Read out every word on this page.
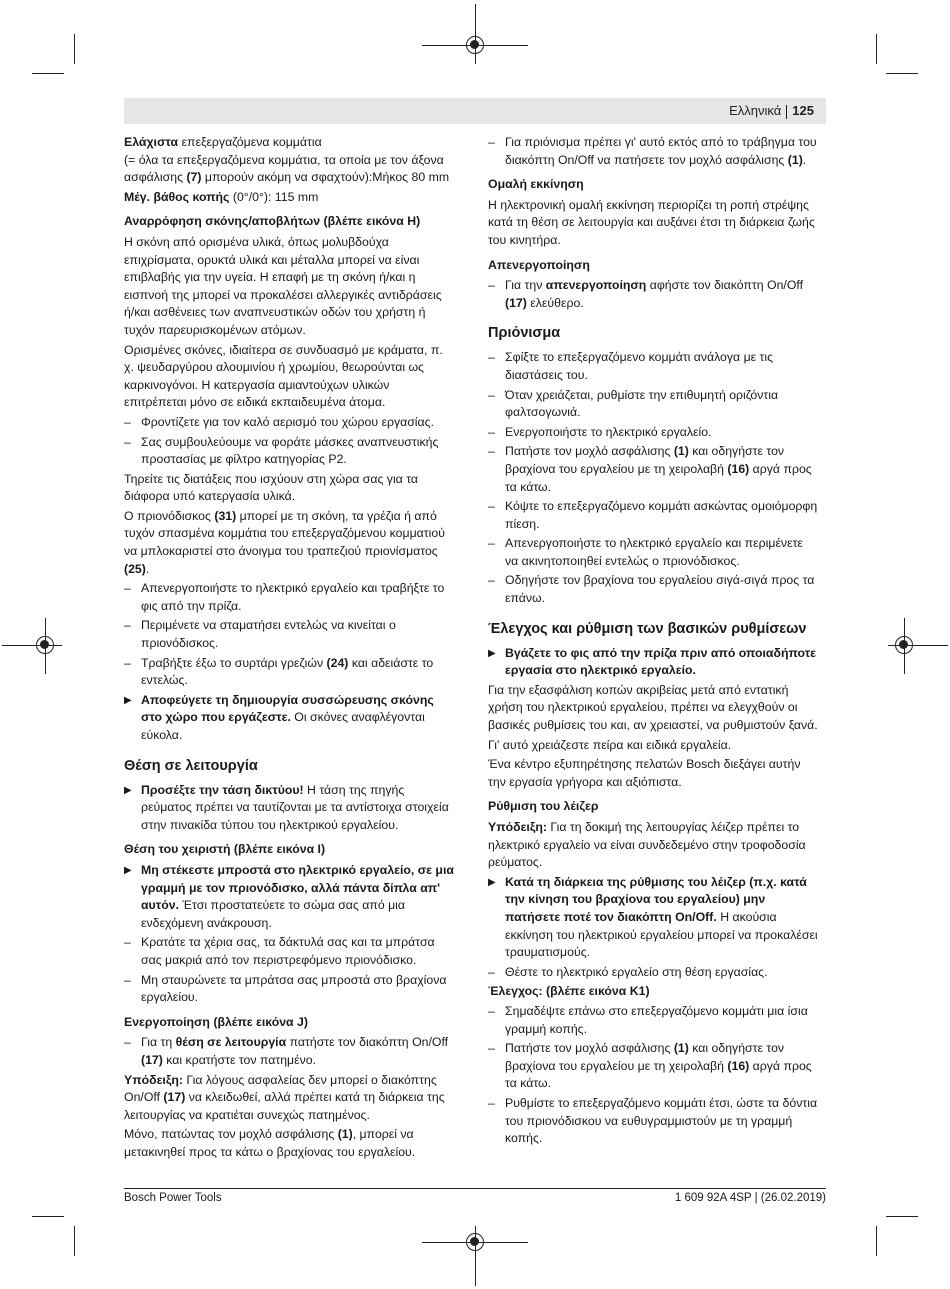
Ελληνικά 125
Ελάχιστα επεξεργαζόμενα κομμάτια
(= όλα τα επεξεργαζόμενα κομμάτια, τα οποία με τον άξονα ασφάλισης (7) μπορούν ακόμη να σφαχτούν):Μήκος 80 mm
Μέγ. βάθος κοπής (0°/0°): 115 mm
Αναρρόφηση σκόνης/αποβλήτων (βλέπε εικόνα H)
Η σκόνη από ορισμένα υλικά, όπως μολυβδούχα επιχρίσματα, ορυκτά υλικά και μέταλλα μπορεί να είναι επιβλαβής για την υγεία. Η επαφή με τη σκόνη ή/και η εισπνοή της μπορεί να προκαλέσει αλλεργικές αντιδράσεις ή/και ασθένειες των αναπνευστικών οδών του χρήστη ή τυχόν παρευρισκομένων ατόμων.
Ορισμένες σκόνες, ιδιαίτερα σε συνδυασμό με κράματα, π. χ. ψευδαργύρου αλουμινίου ή χρωμίου, θεωρούνται ως καρκινογόνοι. Η κατεργασία αμιαντούχων υλικών επιτρέπεται μόνο σε ειδικά εκπαιδευμένα άτομα.
– Φροντίζετε για τον καλό αερισμό του χώρου εργασίας.
– Σας συμβουλεύουμε να φοράτε μάσκες αναπνευστικής προστασίας με φίλτρο κατηγορίας P2.
Τηρείτε τις διατάξεις που ισχύουν στη χώρα σας για τα διάφορα υπό κατεργασία υλικά.
Ο πριονόδισκος (31) μπορεί με τη σκόνη, τα γρέζια ή από τυχόν σπασμένα κομμάτια του επεξεργαζόμενου κομματιού να μπλοκαριστεί στο άνοιγμα του τραπεζιού πριονίσματος (25).
– Απενεργοποιήστε το ηλεκτρικό εργαλείο και τραβήξτε το φις από την πρίζα.
– Περιμένετε να σταματήσει εντελώς να κινείται ο πριονόδισκος.
– Τραβήξτε έξω το συρτάρι γρεζιών (24) και αδειάστε το εντελώς.
▶ Αποφεύγετε τη δημιουργία συσσώρευσης σκόνης στο χώρο που εργάζεστε. Οι σκόνες αναφλέγονται εύκολα.
Θέση σε λειτουργία
▶ Προσέξτε την τάση δικτύου! Η τάση της πηγής ρεύματος πρέπει να ταυτίζονται με τα αντίστοιχα στοιχεία στην πινακίδα τύπου του ηλεκτρικού εργαλείου.
Θέση του χειριστή (βλέπε εικόνα I)
▶ Μη στέκεστε μπροστά στο ηλεκτρικό εργαλείο, σε μια γραμμή με τον πριονόδισκο, αλλά πάντα δίπλα απ' αυτόν. Έτσι προστατεύετε το σώμα σας από μια ενδεχόμενη ανάκρουση.
– Κρατάτε τα χέρια σας, τα δάκτυλά σας και τα μπράτσα σας μακριά από τον περιστρεφόμενο πριονόδισκο.
– Μη σταυρώνετε τα μπράτσα σας μπροστά στο βραχίονα εργαλείου.
Ενεργοποίηση (βλέπε εικόνα J)
– Για τη θέση σε λειτουργία πατήστε τον διακόπτη On/Off (17) και κρατήστε τον πατημένο.
Υπόδειξη: Για λόγους ασφαλείας δεν μπορεί ο διακόπτης On/Off (17) να κλειδωθεί, αλλά πρέπει κατά τη διάρκεια της λειτουργίας να κρατιέται συνεχώς πατημένος.
Μόνο, πατώντας τον μοχλό ασφάλισης (1), μπορεί να μετακινηθεί προς τα κάτω ο βραχίονας του εργαλείου.
– Για πριόνισμα πρέπει γι' αυτό εκτός από το τράβηγμα του διακόπτη On/Off να πατήσετε τον μοχλό ασφάλισης (1).
Ομαλή εκκίνηση
Η ηλεκτρονική ομαλή εκκίνηση περιορίζει τη ροπή στρέψης κατά τη θέση σε λειτουργία και αυξάνει έτσι τη διάρκεια ζωής του κινητήρα.
Απενεργοποίηση
– Για την απενεργοποίηση αφήστε τον διακόπτη On/Off (17) ελεύθερο.
Πριόνισμα
– Σφίξτε το επεξεργαζόμενο κομμάτι ανάλογα με τις διαστάσεις του.
– Όταν χρειάζεται, ρυθμίστε την επιθυμητή οριζόντια φαλτσογωνιά.
– Ενεργοποιήστε το ηλεκτρικό εργαλείο.
– Πατήστε τον μοχλό ασφάλισης (1) και οδηγήστε τον βραχίονα του εργαλείου με τη χειρολαβή (16) αργά προς τα κάτω.
– Κόψτε το επεξεργαζόμενο κομμάτι ασκώντας ομοιόμορφη πίεση.
– Απενεργοποιήστε το ηλεκτρικό εργαλείο και περιμένετε να ακινητοποιηθεί εντελώς ο πριονόδισκος.
– Οδηγήστε τον βραχίονα του εργαλείου σιγά-σιγά προς τα επάνω.
Έλεγχος και ρύθμιση των βασικών ρυθμίσεων
▶ Βγάζετε το φις από την πρίζα πριν από οποιαδήποτε εργασία στο ηλεκτρικό εργαλείο.
Για την εξασφάλιση κοπών ακριβείας μετά από εντατική χρήση του ηλεκτρικού εργαλείου, πρέπει να ελεγχθούν οι βασικές ρυθμίσεις του και, αν χρειαστεί, να ρυθμιστούν ξανά.
Γι' αυτό χρειάζεστε πείρα και ειδικά εργαλεία.
Ένα κέντρο εξυπηρέτησης πελατών Bosch διεξάγει αυτήν την εργασία γρήγορα και αξιόπιστα.
Ρύθμιση του λέιζερ
Υπόδειξη: Για τη δοκιμή της λειτουργίας λέιζερ πρέπει το ηλεκτρικό εργαλείο να είναι συνδεδεμένο στην τροφοδοσία ρεύματος.
▶ Κατά τη διάρκεια της ρύθμισης του λέιζερ (π.χ. κατά την κίνηση του βραχίονα του εργαλείου) μην πατήσετε ποτέ τον διακόπτη On/Off. Η ακούσια εκκίνηση του ηλεκτρικού εργαλείου μπορεί να προκαλέσει τραυματισμούς.
– Θέστε το ηλεκτρικό εργαλείο στη θέση εργασίας.
Έλεγχος: (βλέπε εικόνα K1)
– Σημαδέψτε επάνω στο επεξεργαζόμενο κομμάτι μια ίσια γραμμή κοπής.
– Πατήστε τον μοχλό ασφάλισης (1) και οδηγήστε τον βραχίονα του εργαλείου με τη χειρολαβή (16) αργά προς τα κάτω.
– Ρυθμίστε το επεξεργαζόμενο κομμάτι έτσι, ώστε τα δόντια του πριονόδισκου να ευθυγραμμιστούν με τη γραμμή κοπής.
Bosch Power Tools	1 609 92A 4SP | (26.02.2019)
